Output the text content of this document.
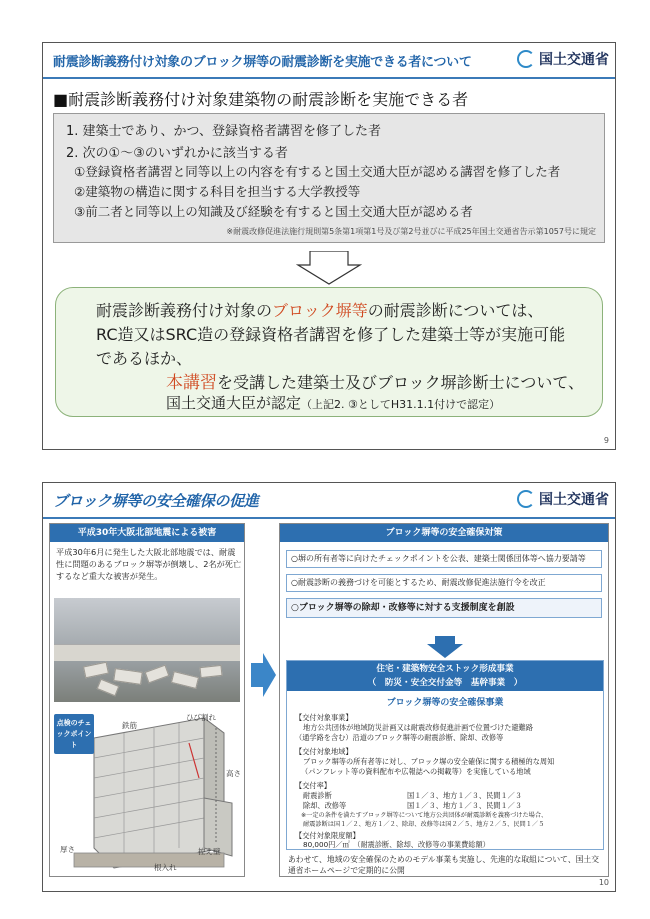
耐震診断義務付け対象のブロック塀等の耐震診断を実施できる者について	国土交通省
■耐震診断義務付け対象建築物の耐震診断を実施できる者
1. 建築士であり、かつ、登録資格者講習を修了した者
2. 次の①～③のいずれかに該当する者
①登録資格者講習と同等以上の内容を有すると国土交通大臣が認める講習を修了した者
②建築物の構造に関する科目を担当する大学教授等
③前二者と同等以上の知識及び経験を有すると国土交通大臣が認める者
※耐震改修促進法施行規則第5条第1項第1号及び第2号並びに平成25年国土交通省告示第1057号に規定
耐震診断義務付け対象のブロック塀等の耐震診断については、
RC造又はSRC造の登録資格者講習を修了した建築士等が実施可能
であるほか、
本講習を受講した建築士及びブロック塀診断士について、
国土交通大臣が認定（上記2. ③としてH31.1.1付けで認定）
9
ブロック塀等の安全確保の促進	国土交通省
平成30年大阪北部地震による被害
平成30年6月に発生した大阪北部地震では、耐震性に問題のあるブロック塀等が倒壊し、2名が死亡するなど重大な被害が発生。
点検のチェックポイント
ひび割れ
鉄筋
高さ
厚さ	控え壁
根入れ
ブロック塀等の安全確保対策
○塀の所有者等に向けたチェックポイントを公表、建築士関係団体等へ協力要請等
○耐震診断の義務づけを可能とするため、耐震改修促進法施行令を改正
○ブロック塀等の除却・改修等に対する支援制度を創設
住宅・建築物安全ストック形成事業
（　防災・安全交付金等　基幹事業　）
ブロック塀等の安全確保事業
【交付対象事業】
地方公共団体が地域防災計画又は耐震改修促進計画で位置づけた避難路
（通学路を含む）沿道のブロック塀等の耐震診断、除却、改修等
【交付対象地域】
ブロック塀等の所有者等に対し、ブロック塀の安全確保に関する積極的な周知
（パンフレット等の資料配布や広報誌への掲載等）を実施している地域
【交付率】
耐震診断	国１／３、地方１／３、民間１／３
除却、改修等	国１／３、地方１／３、民間１／３
※一定の条件を満たすブロック塀等について地方公共団体が耐震診断を義務づけた場合、
耐震診断は国１／２、地方１／２、除却、改修等は国２／５、地方２／５、民間１／５
【交付対象限度額】
80,000円／㎡　（耐震診断、除却、改修等の事業費総額）
あわせて、地域の安全確保のためのモデル事業も実施し、先進的な取組について、国土交通省ホームページで定期的に公開
10
